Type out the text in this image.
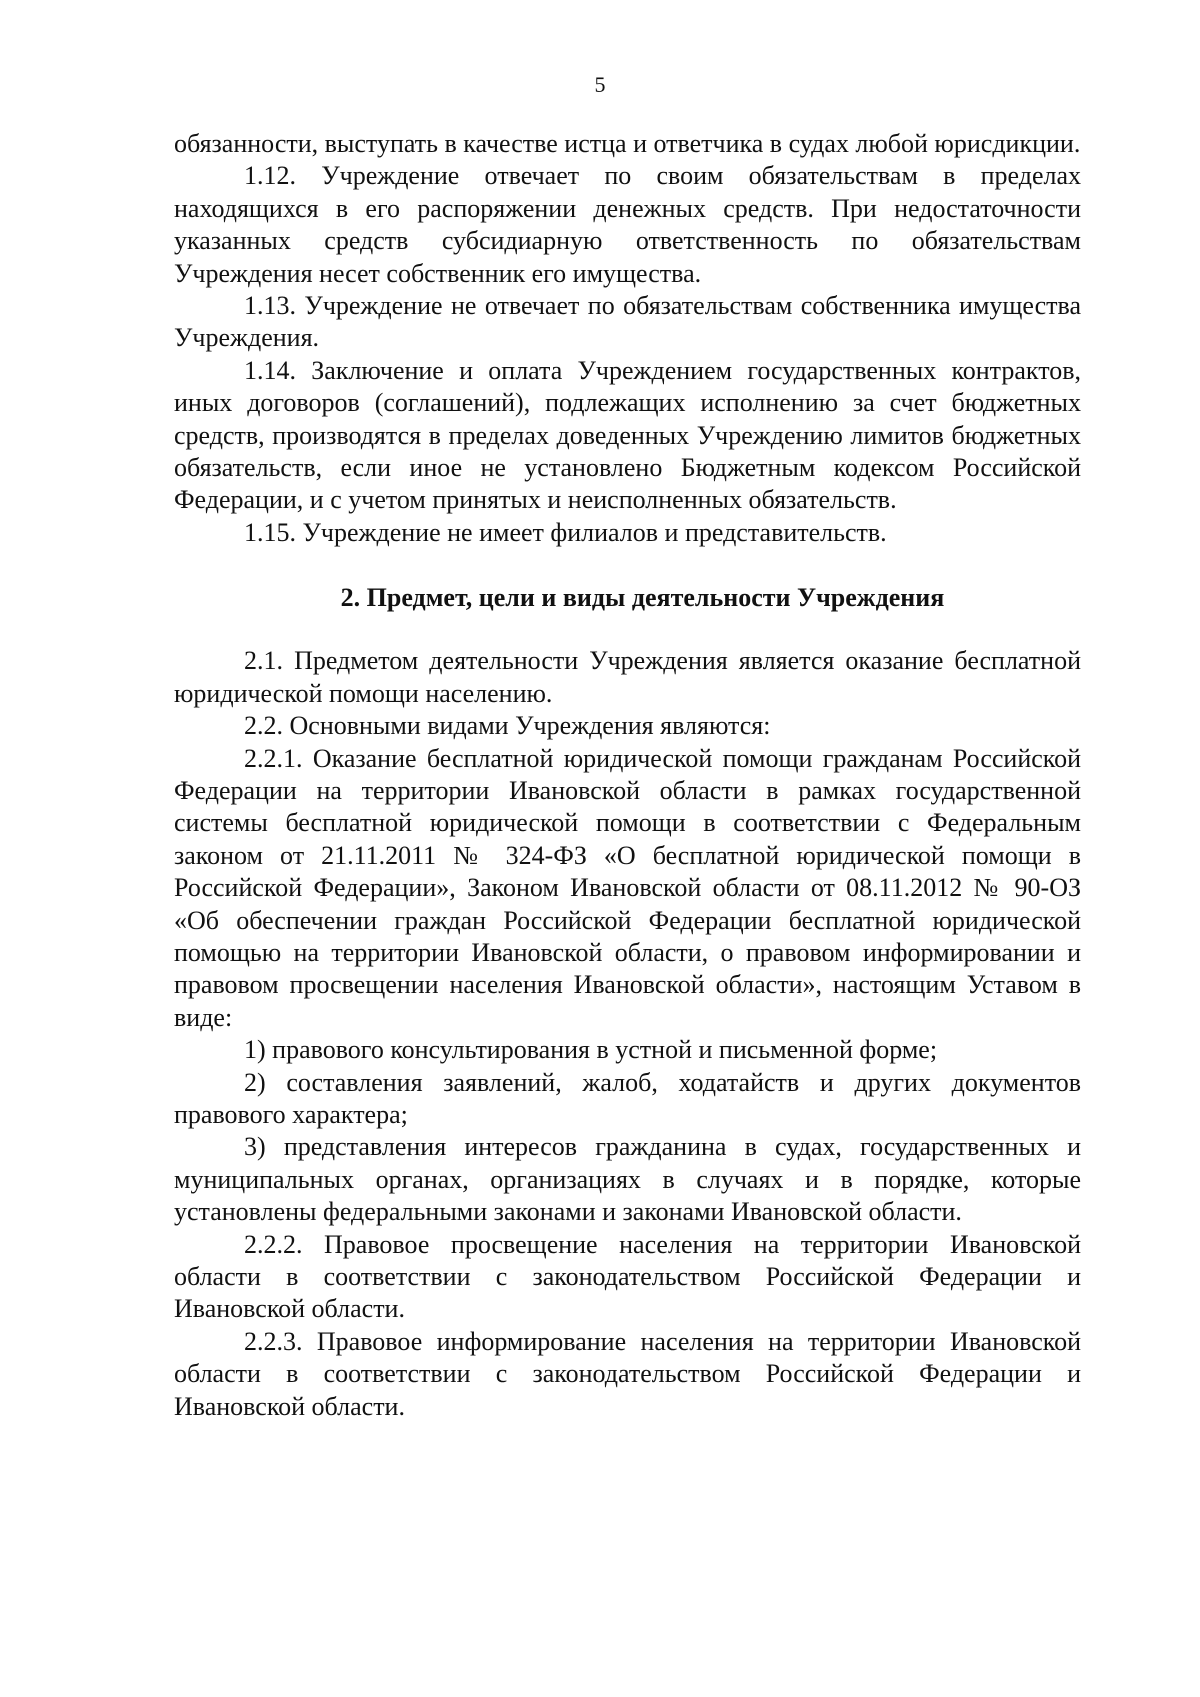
5

обязанности, выступать в качестве истца и ответчика в судах любой юрисдикции.

1.12. Учреждение отвечает по своим обязательствам в пределах находящихся в его распоряжении денежных средств. При недостаточности указанных средств субсидиарную ответственность по обязательствам Учреждения несет собственник его имущества.

1.13. Учреждение не отвечает по обязательствам собственника имущества Учреждения.

1.14. Заключение и оплата Учреждением государственных контрактов, иных договоров (соглашений), подлежащих исполнению за счет бюджетных средств, производятся в пределах доведенных Учреждению лимитов бюджетных обязательств, если иное не установлено Бюджетным кодексом Российской Федерации, и с учетом принятых и неисполненных обязательств.

1.15. Учреждение не имеет филиалов и представительств.

2. Предмет, цели и виды деятельности Учреждения

2.1. Предметом деятельности Учреждения является оказание бесплатной юридической помощи населению.

2.2. Основными видами Учреждения являются:

2.2.1. Оказание бесплатной юридической помощи гражданам Российской Федерации на территории Ивановской области в рамках государственной системы бесплатной юридической помощи в соответствии с Федеральным законом от 21.11.2011 № 324-ФЗ «О бесплатной юридической помощи в Российской Федерации», Законом Ивановской области от 08.11.2012 № 90-ОЗ «Об обеспечении граждан Российской Федерации бесплатной юридической помощью на территории Ивановской области, о правовом информировании и правовом просвещении населения Ивановской области», настоящим Уставом в виде:

1) правового консультирования в устной и письменной форме;

2) составления заявлений, жалоб, ходатайств и других документов правового характера;

3) представления интересов гражданина в судах, государственных и муниципальных органах, организациях в случаях и в порядке, которые установлены федеральными законами и законами Ивановской области.

2.2.2. Правовое просвещение населения на территории Ивановской области в соответствии с законодательством Российской Федерации и Ивановской области.

2.2.3. Правовое информирование населения на территории Ивановской области в соответствии с законодательством Российской Федерации и Ивановской области.
